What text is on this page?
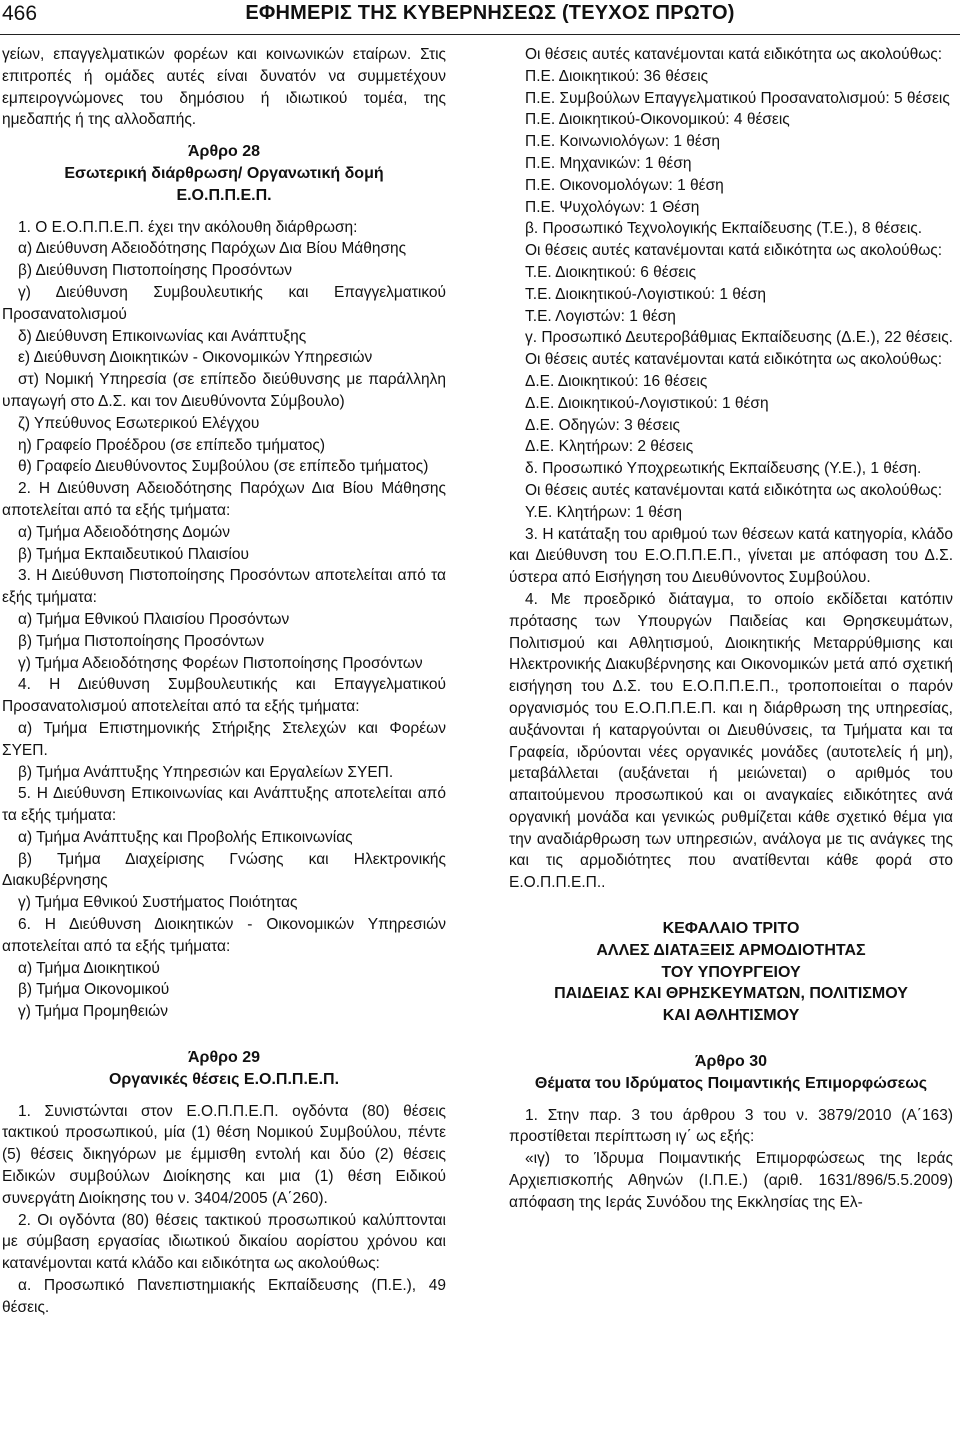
466	ΕΦΗΜΕΡΙΣ ΤΗΣ ΚΥΒΕΡΝΗΣΕΩΣ (ΤΕΥΧΟΣ ΠΡΩΤΟ)

γείων, επαγγελματικών φορέων και κοινωνικών εταίρων. Στις επιτροπές ή ομάδες αυτές είναι δυνατόν να συμμετέχουν εμπειρογνώμονες του δημόσιου ή ιδιωτικού τομέα, της ημεδαπής ή της αλλοδαπής.

Άρθρο 28

Εσωτερική διάρθρωση/ Οργανωτική δομή

Ε.Ο.Π.Π.Ε.Π.

1. Ο Ε.Ο.Π.Π.Ε.Π. έχει την ακόλουθη διάρθρωση:

α) Διεύθυνση Αδειοδότησης Παρόχων Δια Βίου Μάθησης

β) Διεύθυνση Πιστοποίησης Προσόντων

γ) Διεύθυνση Συμβουλευτικής και Επαγγελματικού Προσανατολισμού

δ) Διεύθυνση Επικοινωνίας και Ανάπτυξης

ε) Διεύθυνση Διοικητικών - Οικονομικών Υπηρεσιών

στ) Νομική Υπηρεσία (σε επίπεδο διεύθυνσης με παράλληλη υπαγωγή στο Δ.Σ. και τον Διευθύνοντα Σύμβουλο)

ζ) Υπεύθυνος Εσωτερικού Ελέγχου

η) Γραφείο Προέδρου (σε επίπεδο τμήματος)

θ) Γραφείο Διευθύνοντος Συμβούλου (σε επίπεδο τμήματος)

2. Η Διεύθυνση Αδειοδότησης Παρόχων Δια Βίου Μάθησης αποτελείται από τα εξής τμήματα:

α) Τμήμα Αδειοδότησης Δομών

β) Τμήμα Εκπαιδευτικού Πλαισίου

3. Η Διεύθυνση Πιστοποίησης Προσόντων αποτελείται από τα εξής τμήματα:

α) Τμήμα Εθνικού Πλαισίου Προσόντων

β) Τμήμα Πιστοποίησης Προσόντων

γ) Τμήμα Αδειοδότησης Φορέων Πιστοποίησης Προσόντων

4. Η Διεύθυνση Συμβουλευτικής και Επαγγελματικού Προσανατολισμού αποτελείται από τα εξής τμήματα:

α) Τμήμα Επιστημονικής Στήριξης Στελεχών και Φορέων ΣΥΕΠ.

β) Τμήμα Ανάπτυξης Υπηρεσιών και Εργαλείων ΣΥΕΠ.

5. Η Διεύθυνση Επικοινωνίας και Ανάπτυξης αποτελείται από τα εξής τμήματα:

α) Τμήμα Ανάπτυξης και Προβολής Επικοινωνίας

β) Τμήμα Διαχείρισης Γνώσης και Ηλεκτρονικής Διακυβέρνησης

γ) Τμήμα Εθνικού Συστήματος Ποιότητας

6. Η Διεύθυνση Διοικητικών - Οικονομικών Υπηρεσιών αποτελείται από τα εξής τμήματα:

α) Τμήμα Διοικητικού

β) Τμήμα Οικονομικού

γ) Τμήμα Προμηθειών

Άρθρο 29

Οργανικές θέσεις Ε.Ο.Π.Π.Ε.Π.

1. Συνιστώνται στον Ε.Ο.Π.Π.Ε.Π. ογδόντα (80) θέσεις τακτικού προσωπικού, μία (1) θέση Νομικού Συμβούλου, πέντε (5) θέσεις δικηγόρων με έμμισθη εντολή και δύο (2) θέσεις Ειδικών συμβούλων Διοίκησης και μια (1) θέση Ειδικού συνεργάτη Διοίκησης του ν. 3404/2005 (Α΄260).

2. Οι ογδόντα (80) θέσεις τακτικού προσωπικού καλύπτονται με σύμβαση εργασίας ιδιωτικού δικαίου αορίστου χρόνου και κατανέμονται κατά κλάδο και ειδικότητα ως ακολούθως:

α. Προσωπικό Πανεπιστημιακής Εκπαίδευσης (Π.Ε.), 49 θέσεις.

Οι θέσεις αυτές κατανέμονται κατά ειδικότητα ως ακολούθως:

Π.Ε. Διοικητικού: 36 θέσεις

Π.Ε. Συμβούλων Επαγγελματικού Προσανατολισμού: 5 θέσεις

Π.Ε. Διοικητικού-Οικονομικού: 4 θέσεις

Π.Ε. Κοινωνιολόγων: 1 θέση

Π.Ε. Μηχανικών: 1 θέση

Π.Ε. Οικονομολόγων: 1 θέση

Π.Ε. Ψυχολόγων: 1 Θέση

β. Προσωπικό Τεχνολογικής Εκπαίδευσης (Τ.Ε.), 8 θέσεις.

Οι θέσεις αυτές κατανέμονται κατά ειδικότητα ως ακολούθως:

Τ.Ε. Διοικητικού: 6 θέσεις

Τ.Ε. Διοικητικού-Λογιστικού: 1 θέση

Τ.Ε. Λογιστών: 1 θέση

γ. Προσωπικό Δευτεροβάθμιας Εκπαίδευσης (Δ.Ε.), 22 θέσεις.

Οι θέσεις αυτές κατανέμονται κατά ειδικότητα ως ακολούθως:

Δ.Ε. Διοικητικού: 16 θέσεις

Δ.Ε. Διοικητικού-Λογιστικού: 1 θέση

Δ.Ε. Οδηγών: 3 θέσεις

Δ.Ε. Κλητήρων: 2 θέσεις

δ. Προσωπικό Υποχρεωτικής Εκπαίδευσης (Υ.Ε.), 1 θέση.

Οι θέσεις αυτές κατανέμονται κατά ειδικότητα ως ακολούθως:

Υ.Ε. Κλητήρων: 1 θέση

3. Η κατάταξη του αριθμού των θέσεων κατά κατηγορία, κλάδο και Διεύθυνση του Ε.Ο.Π.Π.Ε.Π., γίνεται με απόφαση του Δ.Σ. ύστερα από Εισήγηση του Διευθύνοντος Συμβούλου.

4. Με προεδρικό διάταγμα, το οποίο εκδίδεται κατόπιν πρότασης των Υπουργών Παιδείας και Θρησκευμάτων, Πολιτισμού και Αθλητισμού, Διοικητικής Μεταρρύθμισης και Ηλεκτρονικής Διακυβέρνησης και Οικονομικών μετά από σχετική εισήγηση του Δ.Σ. του Ε.Ο.Π.Π.Ε.Π., τροποποιείται ο παρόν οργανισμός του Ε.Ο.Π.Π.Ε.Π. και η διάρθρωση της υπηρεσίας, αυξάνονται ή καταργούνται οι Διευθύνσεις, τα Τμήματα και τα Γραφεία, ιδρύονται νέες οργανικές μονάδες (αυτοτελείς ή μη), μεταβάλλεται (αυξάνεται ή μειώνεται) ο αριθμός του απαιτούμενου προσωπικού και οι αναγκαίες ειδικότητες ανά οργανική μονάδα και γενικώς ρυθμίζεται κάθε σχετικό θέμα για την αναδιάρθρωση των υπηρεσιών, ανάλογα με τις ανάγκες της και τις αρμοδιότητες που ανατίθενται κάθε φορά στο Ε.Ο.Π.Π.Ε.Π..

ΚΕΦΑΛΑΙΟ ΤΡΙΤΟ

ΑΛΛΕΣ ΔΙΑΤΑΞΕΙΣ ΑΡΜΟΔΙΟΤΗΤΑΣ

ΤΟΥ ΥΠΟΥΡΓΕΙΟΥ

ΠΑΙΔΕΙΑΣ ΚΑΙ ΘΡΗΣΚΕΥΜΑΤΩΝ, ΠΟΛΙΤΙΣΜΟΥ

ΚΑΙ ΑΘΛΗΤΙΣΜΟΥ

Άρθρο 30

Θέματα του Ιδρύματος Ποιμαντικής Επιμορφώσεως

1. Στην παρ. 3 του άρθρου 3 του ν. 3879/2010 (Α΄163) προστίθεται περίπτωση ιγ΄ ως εξής:

«ιγ) το Ίδρυμα Ποιμαντικής Επιμορφώσεως της Ιεράς Αρχιεπισκοπής Αθηνών (Ι.Π.Ε.) (αριθ. 1631/896/5.5.2009) απόφαση της Ιεράς Συνόδου της Εκκλησίας της Ελ-
